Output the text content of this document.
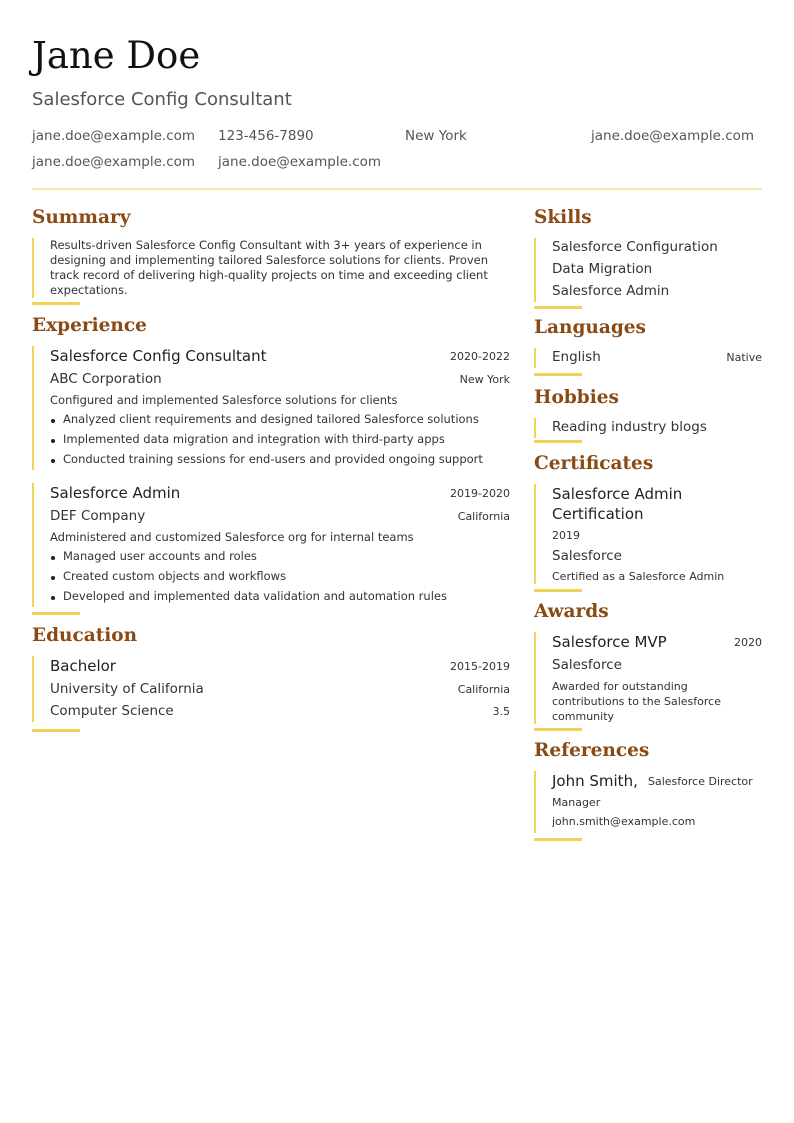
Jane Doe
Salesforce Config Consultant
jane.doe@example.com 123-456-7890	New York	jane.doe@example.com
jane.doe@example.com jane.doe@example.com
Summary
Results-driven Salesforce Config Consultant with 3+ years of experience in designing and implementing tailored Salesforce solutions for clients. Proven track record of delivering high-quality projects on time and exceeding client expectations.
Experience
Salesforce Config Consultant	2020-2022
ABC Corporation	New York
Configured and implemented Salesforce solutions for clients
Analyzed client requirements and designed tailored Salesforce solutions
Implemented data migration and integration with third-party apps
Conducted training sessions for end-users and provided ongoing support
Salesforce Admin	2019-2020
DEF Company	California
Administered and customized Salesforce org for internal teams
Managed user accounts and roles
Created custom objects and workflows
Developed and implemented data validation and automation rules
Education
Bachelor	2015-2019
University of California	California
Computer Science	3.5
Skills
Salesforce Configuration
Data Migration
Salesforce Admin
Languages
English	Native
Hobbies
Reading industry blogs
Certificates
Salesforce Admin
Certification
2019
Salesforce
Certified as a Salesforce Admin
Awards
Salesforce MVP	2020
Salesforce
Awarded for outstanding contributions to the Salesforce community
References
John Smith, Salesforce Director
Manager
john.smith@example.com
